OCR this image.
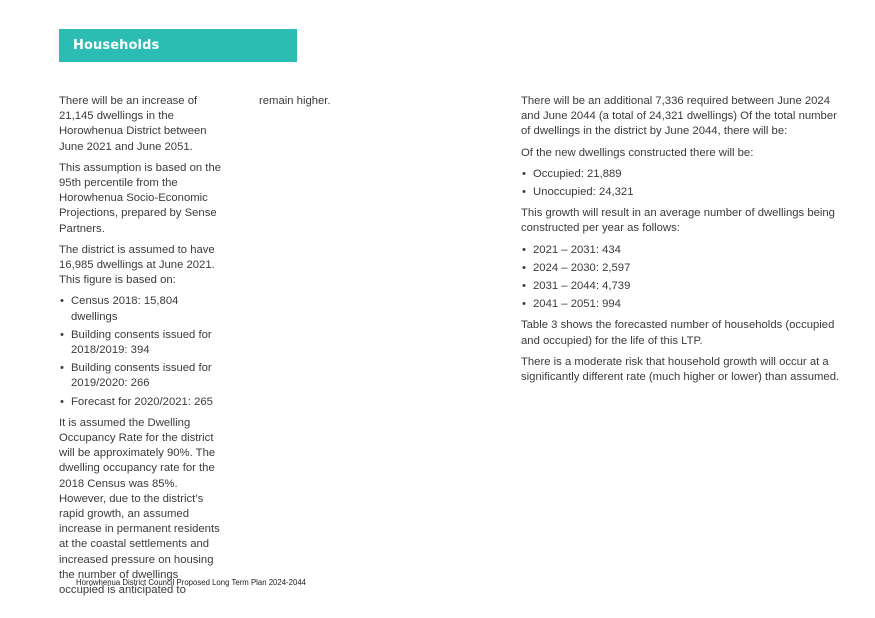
Households

There will be an increase of 21,145 dwellings in the Horowhenua District between June 2021 and June 2051.

This assumption is based on the 95th percentile from the Horowhenua Socio-Economic Projections, prepared by Sense Partners.

The district is assumed to have 16,985 dwellings at June 2021. This figure is based on:

• Census 2018: 15,804 dwellings
• Building consents issued for 2018/2019: 394
• Building consents issued for 2019/2020: 266
• Forecast for 2020/2021: 265

It is assumed the Dwelling Occupancy Rate for the district will be approximately 90%. The dwelling occupancy rate for the 2018 Census was 85%. However, due to the district’s rapid growth, an assumed increase in permanent residents at the coastal settlements and increased pressure on housing the number of dwellings occupied is anticipated to

remain higher.	There will be an additional 7,336 required between June 2024 and June 2044 (a total of 24,321 dwellings) Of the total number of dwellings in the district by June 2044, there will be:

Of the new dwellings constructed there will be:

• Occupied: 21,889
• Unoccupied: 24,321

This growth will result in an average number of dwellings being constructed per year as follows:

• 2021 – 2031: 434
• 2024 – 2030: 2,597
• 2031 – 2044: 4,739
• 2041 – 2051: 994

Table 3 shows the forecasted number of households (occupied and occupied) for the life of this LTP.

There is a moderate risk that household growth will occur at a significantly different rate (much higher or lower) than assumed.

Horowhenua District Council Proposed Long Term Plan 2024-2044
